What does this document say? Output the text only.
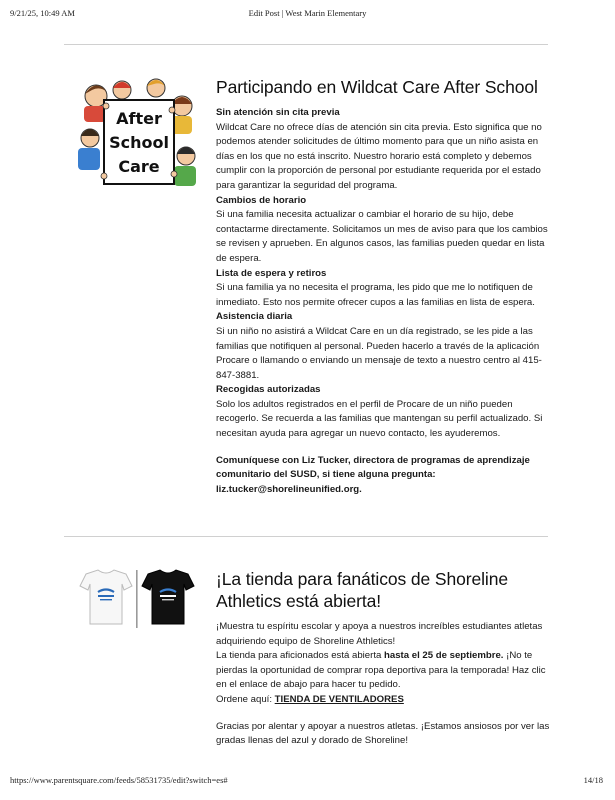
9/21/25, 10:49 AM	Edit Post | West Marin Elementary
After
School
Care
Participando en Wildcat Care After School
Sin atención sin cita previa
Wildcat Care no ofrece días de atención sin cita previa. Esto significa que no podemos atender solicitudes de último momento para que un niño asista en días en los que no está inscrito. Nuestro horario está completo y debemos cumplir con la proporción de personal por estudiante requerida por el estado para garantizar la seguridad del programa.
Cambios de horario
Si una familia necesita actualizar o cambiar el horario de su hijo, debe contactarme directamente. Solicitamos un mes de aviso para que los cambios se revisen y aprueben. En algunos casos, las familias pueden quedar en lista de espera.
Lista de espera y retiros
Si una familia ya no necesita el programa, les pido que me lo notifiquen de inmediato. Esto nos permite ofrecer cupos a las familias en lista de espera.
Asistencia diaria
Si un niño no asistirá a Wildcat Care en un día registrado, se les pide a las familias que notifiquen al personal. Pueden hacerlo a través de la aplicación Procare o llamando o enviando un mensaje de texto a nuestro centro al 415-847-3881.
Recogidas autorizadas
Solo los adultos registrados en el perfil de Procare de un niño pueden recogerlo. Se recuerda a las familias que mantengan su perfil actualizado. Si necesitan ayuda para agregar un nuevo contacto, les ayuderemos.
Comuníquese con Liz Tucker, directora de programas de aprendizaje comunitario del SUSD, si tiene alguna pregunta: liz.tucker@shorelineunified.org.
¡La tienda para fanáticos de Shoreline Athletics está abierta!
¡Muestra tu espíritu escolar y apoya a nuestros increíbles estudiantes atletas adquiriendo equipo de Shoreline Athletics!
La tienda para aficionados está abierta hasta el 25 de septiembre. ¡No te pierdas la oportunidad de comprar ropa deportiva para la temporada! Haz clic en el enlace de abajo para hacer tu pedido.
Ordene aquí: TIENDA DE VENTILADORES
Gracias por alentar y apoyar a nuestros atletas. ¡Estamos ansiosos por ver las gradas llenas del azul y dorado de Shoreline!
https://www.parentsquare.com/feeds/58531735/edit?switch=es#	14/18
